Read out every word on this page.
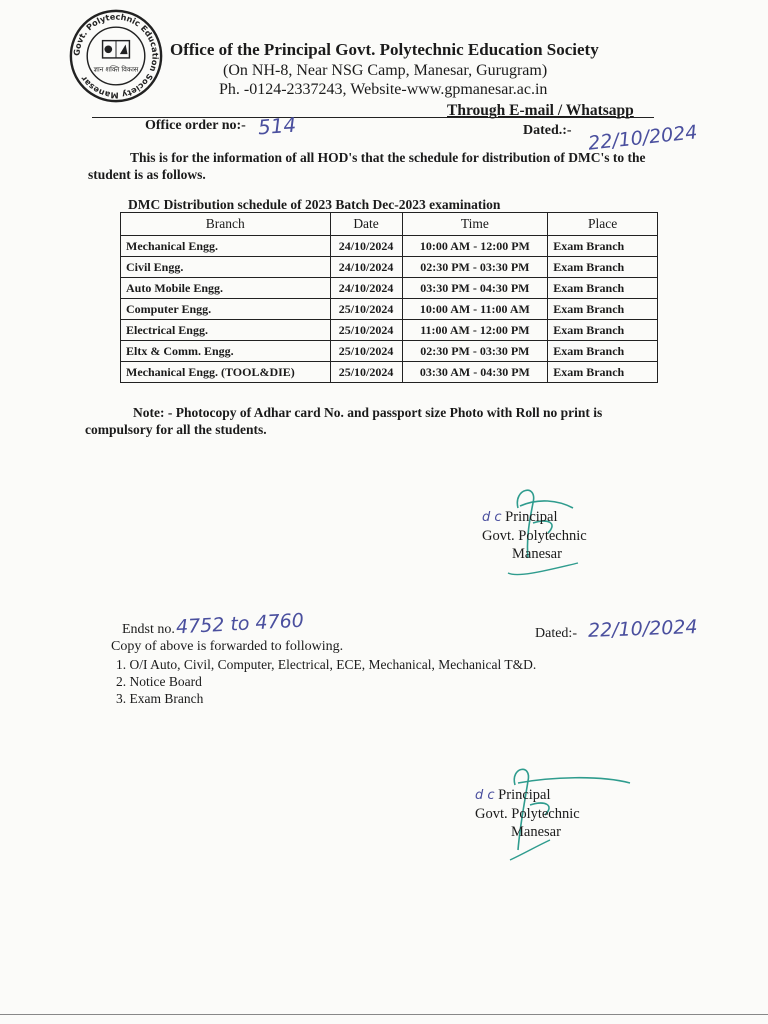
Govt. Polytechnic Education Society Manesar
ज्ञान शक्ति विकास
Office of the Principal Govt. Polytechnic Education Society
(On NH-8, Near NSG Camp, Manesar, Gurugram)
Ph. -0124-2337243, Website-www.gpmanesar.ac.in
Through E-mail / Whatsapp
Office order no:- 514	Dated.:- 22/10/2024
This is for the information of all HOD's that the schedule for distribution of DMC's to the student is as follows.
DMC Distribution schedule of 2023 Batch Dec-2023 examination
Branch	Date	Time	Place
Mechanical Engg.	24/10/2024	10:00 AM - 12:00 PM	Exam Branch
Civil Engg.	24/10/2024	02:30 PM - 03:30 PM	Exam Branch
Auto Mobile Engg.	24/10/2024	03:30 PM - 04:30 PM	Exam Branch
Computer Engg.	25/10/2024	10:00 AM - 11:00 AM	Exam Branch
Electrical Engg.	25/10/2024	11:00 AM - 12:00 PM	Exam Branch
Eltx & Comm. Engg.	25/10/2024	02:30 PM - 03:30 PM	Exam Branch
Mechanical Engg. (TOOL&DIE)	25/10/2024	03:30 AM - 04:30 PM	Exam Branch
Note: - Photocopy of Adhar card No. and passport size Photo with Roll no print is compulsory for all the students.
d c Principal
Govt. Polytechnic
Manesar
Endst no. 4752 to 4760	Dated:- 22/10/2024
Copy of above is forwarded to following.
1. O/I Auto, Civil, Computer, Electrical, ECE, Mechanical, Mechanical T&D.
2. Notice Board
3. Exam Branch
d c Principal
Govt. Polytechnic
Manesar
